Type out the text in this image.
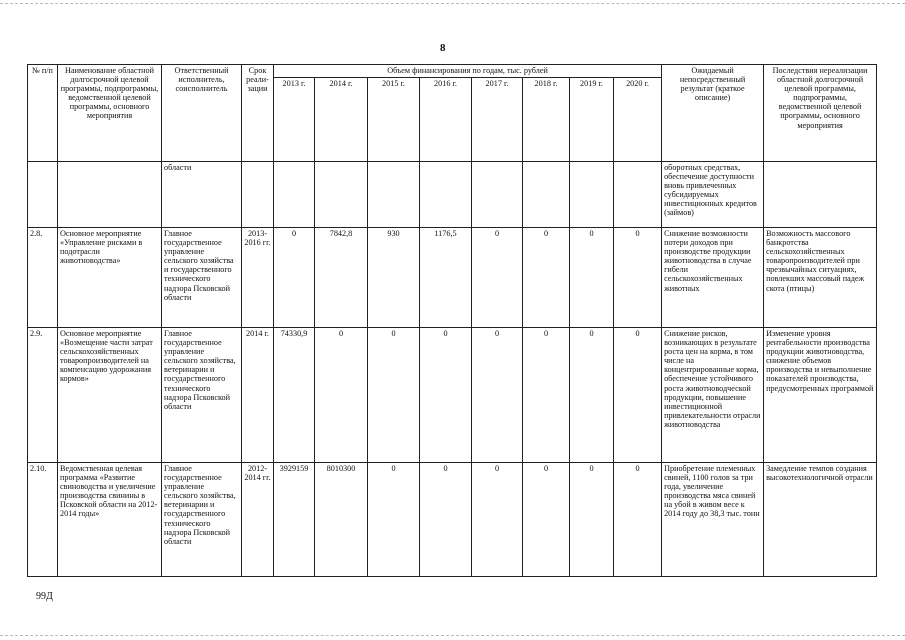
8
№ п/п	Наименование областной долгосрочной целевой программы, подпрограммы, ведомственной целевой программы, основного мероприятия	Ответственный исполнитель, соисполнитель	Срок реали-зации	Объем финансирования по годам, тыс. рублей								Ожидаемый непосредственный результат (краткое описание)	Последствия нереализации областной долгосрочной целевой программы, подпрограммы, ведомственной целевой программы, основного мероприятия
				2013 г.	2014 г.	2015 г.	2016 г.	2017 г.	2018 г.	2019 г.	2020 г.		
		области										оборотных средствах, обеспечение доступности вновь привлеченных субсидируемых инвестиционных кредитов (займов)	
2.8.	Основное мероприятие «Управление рисками в подотрасли животноводства»	Главное государственное управление сельского хозяйства и государственного технического надзора Псковской области	2013-2016 гг.	0	7842,8	930	1176,5	0	0	0	0	Снижение возможности потери доходов при производстве продукции животноводства в случае гибели сельскохозяйственных животных	Возможность массового банкротства сельскохозяйственных товаропроизводителей при чрезвычайных ситуациях, повлекших массовый падеж скота (птицы)
2.9.	Основное мероприятие «Возмещение части затрат сельскохозяйственных товаропроизводителей на компенсацию удорожания кормов»	Главное государственное управление сельского хозяйства, ветеринарии и государственного технического надзора Псковской области	2014 г.	74330,9	0	0	0	0	0	0	0	Снижение рисков, возникающих в результате роста цен на корма, в том числе на концентрированные корма, обеспечение устойчивого роста животноводческой продукции, повышение инвестиционной привлекательности отрасли животноводства	Изменение уровня рентабельности производства продукции животноводства, снижение объемов производства и невыполнение показателей производства, предусмотренных программой
2.10.	Ведомственная целевая программа «Развитие свиноводства и увеличение производства свинины в Псковской области на 2012-2014 годы»	Главное государственное управление сельского хозяйства, ветеринарии и государственного технического надзора Псковской области	2012-2014 гг.	3929159	8010300	0	0	0	0	0	0	Приобретение племенных свиней, 1100 голов за три года, увеличение производства мяса свиней на убой в живом весе к 2014 году до 38,3 тыс. тонн	Замедление темпов создания высокотехнологичной отрасли
99Д
